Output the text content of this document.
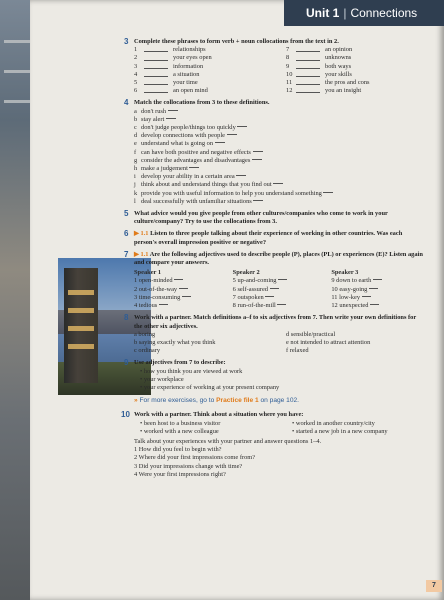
Unit 1 | Connections
7
3 Complete these phrases to form verb + noun collocations from the text in 2.
1	relationships
2	your eyes open
3	information
4	a situation
5	your time
6	an open mind
7	an opinion
8	unknowns
9	both ways
10	your skills
11	the pros and cons
12	you an insight
4 Match the collocations from 3 to these definitions.
a don't rush
b stay alert
c don't judge people/things too quickly
d develop connections with people
e understand what is going on
f can have both positive and negative effects
g consider the advantages and disadvantages
h make a judgement
i develop your ability in a certain area
j think about and understand things that you find out
k provide you with useful information to help you understand something
l deal successfully with unfamiliar situations
5 What advice would you give people from other cultures/companies who come to work in your culture/company? Try to use the collocations from 3.
6 ▶ 1.1 Listen to three people talking about their experience of working in other countries. Was each person's overall impression positive or negative?
7 ▶ 1.1 Are the following adjectives used to describe people (P), places (PL) or experiences (E)? Listen again and compare your answers.
Speaker 1
1 open-minded
2 out-of-the-way
3 time-consuming
4 tedious
Speaker 2
5 up-and-coming
6 self-assured
7 outspoken
8 run-of-the-mill
Speaker 3
9 down to earth
10 easy-going
11 low-key
12 unexpected
8 Work with a partner. Match definitions a–f to six adjectives from 7. Then write your own definitions for the other six adjectives.
a boring
b saying exactly what you think
c ordinary
d sensible/practical
e not intended to attract attention
f relaxed
9 Use adjectives from 7 to describe:
• how you think you are viewed at work
• your workplace
• your experience of working at your present company
» For more exercises, go to Practice file 1 on page 102.
10 Work with a partner. Think about a situation where you have:
• been host to a business visitor
• worked with a new colleague
• worked in another country/city
• started a new job in a new company
Talk about your experiences with your partner and answer questions 1–4.
1 How did you feel to begin with?
2 Where did your first impressions come from?
3 Did your impressions change with time?
4 Were your first impressions right?
